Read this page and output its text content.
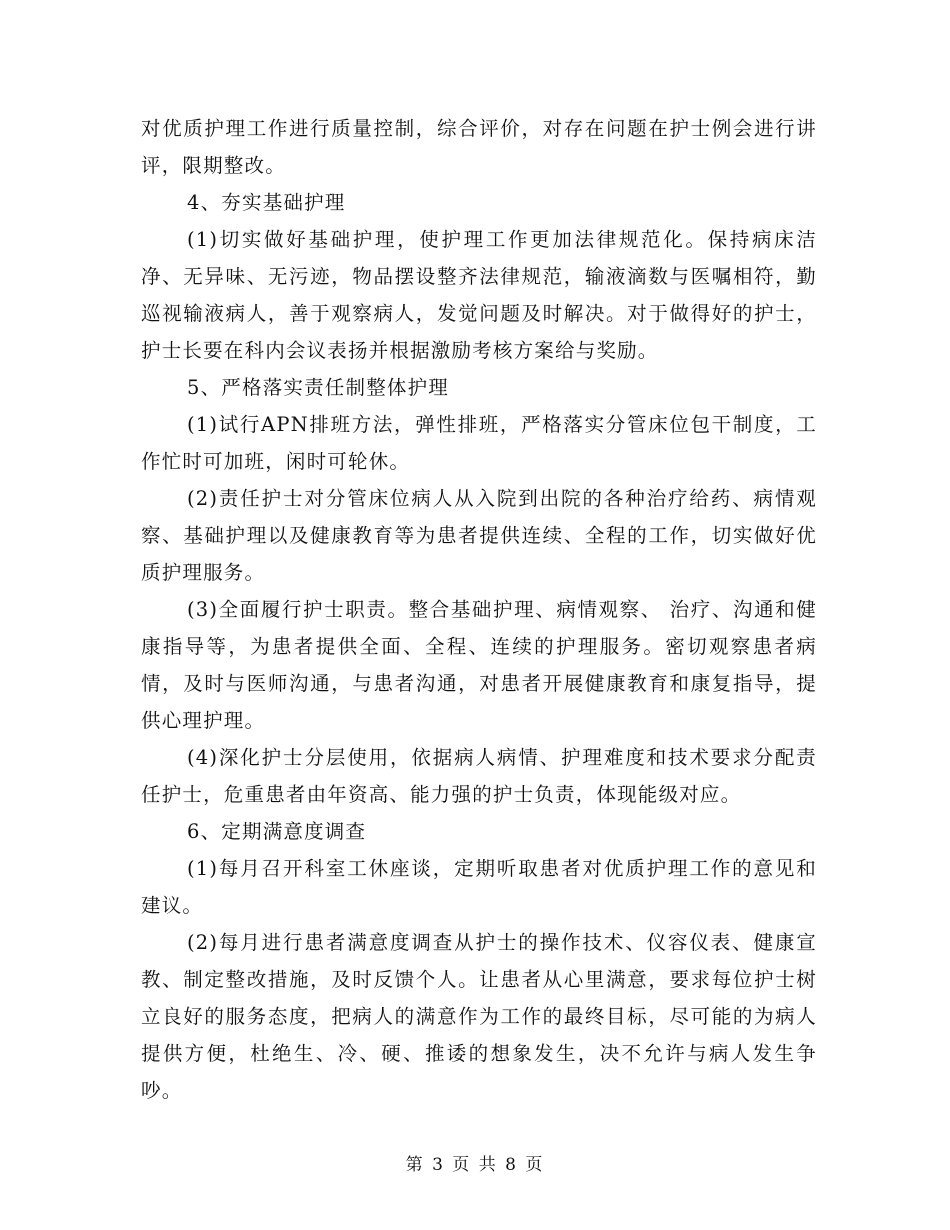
对优质护理工作进行质量控制，综合评价，对存在问题在护士例会进行讲评，限期整改。

4、夯实基础护理

(1)切实做好基础护理，使护理工作更加法律规范化。保持病床洁净、无异味、无污迹，物品摆设整齐法律规范，输液滴数与医嘱相符，勤巡视输液病人，善于观察病人，发觉问题及时解决。对于做得好的护士，护士长要在科内会议表扬并根据激励考核方案给与奖励。

5、严格落实责任制整体护理

(1)试行APN排班方法，弹性排班，严格落实分管床位包干制度，工作忙时可加班，闲时可轮休。

(2)责任护士对分管床位病人从入院到出院的各种治疗给药、病情观察、基础护理以及健康教育等为患者提供连续、全程的工作，切实做好优质护理服务。

(3)全面履行护士职责。整合基础护理、病情观察、 治疗、沟通和健康指导等，为患者提供全面、全程、连续的护理服务。密切观察患者病情，及时与医师沟通，与患者沟通，对患者开展健康教育和康复指导，提供心理护理。

(4)深化护士分层使用，依据病人病情、护理难度和技术要求分配责任护士，危重患者由年资高、能力强的护士负责，体现能级对应。

6、定期满意度调查

(1)每月召开科室工休座谈，定期听取患者对优质护理工作的意见和建议。

(2)每月进行患者满意度调查从护士的操作技术、仪容仪表、健康宣教、制定整改措施，及时反馈个人。让患者从心里满意，要求每位护士树立良好的服务态度，把病人的满意作为工作的最终目标，尽可能的为病人提供方便，杜绝生、冷、硬、推诿的想象发生，决不允许与病人发生争吵。

第 3 页 共 8 页
